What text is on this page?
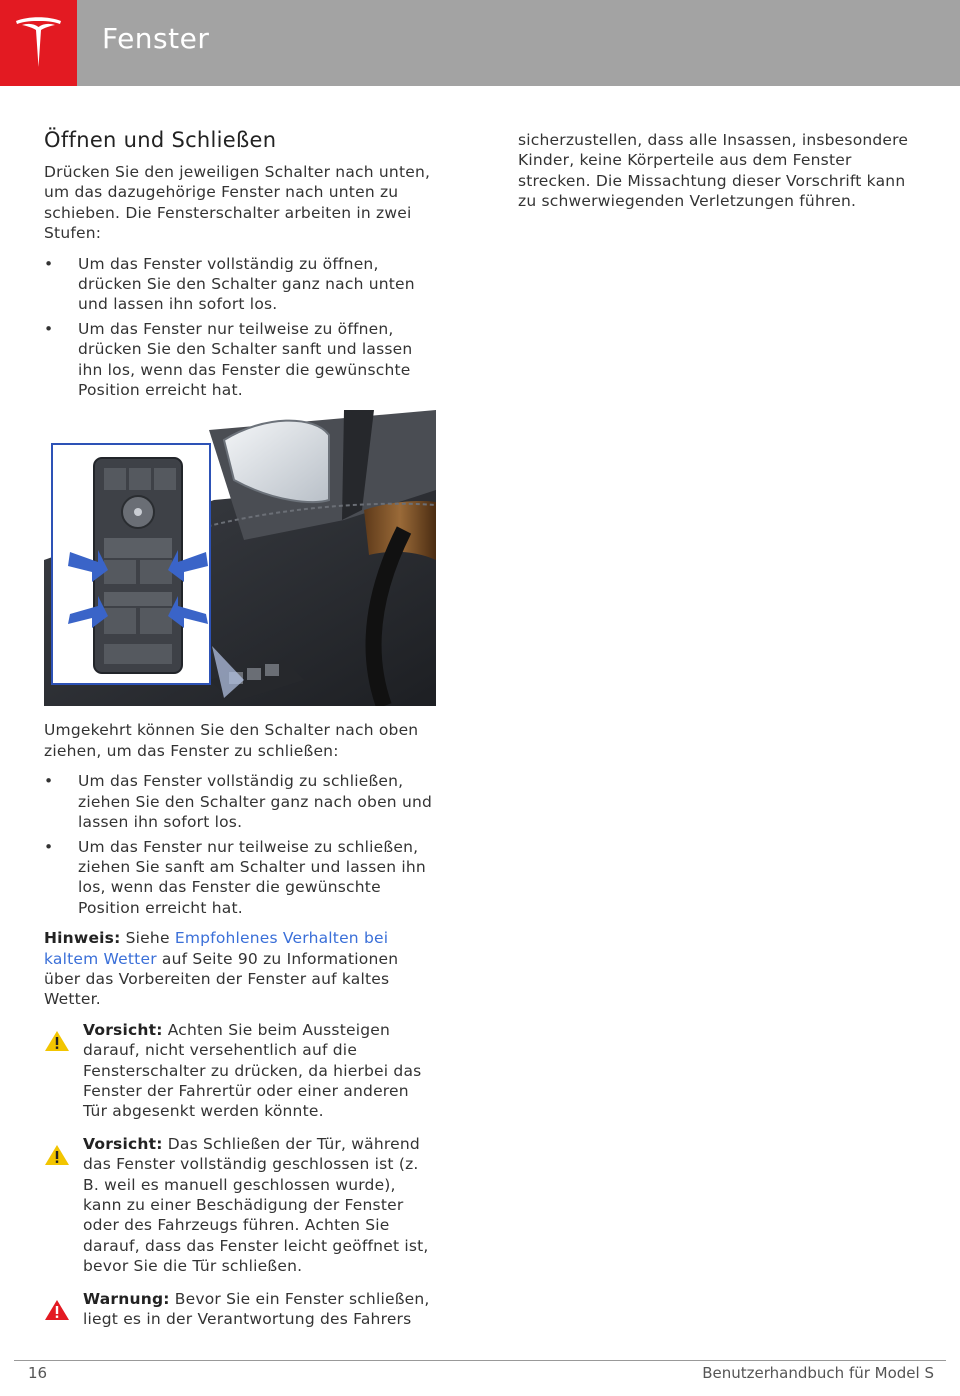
Fenster
Öffnen und Schließen

Drücken Sie den jeweiligen Schalter nach unten, um das dazugehörige Fenster nach unten zu schieben. Die Fensterschalter arbeiten in zwei Stufen:

• Um das Fenster vollständig zu öffnen, drücken Sie den Schalter ganz nach unten und lassen ihn sofort los.
• Um das Fenster nur teilweise zu öffnen, drücken Sie den Schalter sanft und lassen ihn los, wenn das Fenster die gewünschte Position erreicht hat.

Umgekehrt können Sie den Schalter nach oben ziehen, um das Fenster zu schließen:

• Um das Fenster vollständig zu schließen, ziehen Sie den Schalter ganz nach oben und lassen ihn sofort los.
• Um das Fenster nur teilweise zu schließen, ziehen Sie sanft am Schalter und lassen ihn los, wenn das Fenster die gewünschte Position erreicht hat.

Hinweis: Siehe Empfohlenes Verhalten bei kaltem Wetter auf Seite 90 zu Informationen über das Vorbereiten der Fenster auf kaltes Wetter.

Vorsicht: Achten Sie beim Aussteigen darauf, nicht versehentlich auf die Fensterschalter zu drücken, da hierbei das Fenster der Fahrertür oder einer anderen Tür abgesenkt werden könnte.

Vorsicht: Das Schließen der Tür, während das Fenster vollständig geschlossen ist (z. B. weil es manuell geschlossen wurde), kann zu einer Beschädigung der Fenster oder des Fahrzeugs führen. Achten Sie darauf, dass das Fenster leicht geöffnet ist, bevor Sie die Tür schließen.

Warnung: Bevor Sie ein Fenster schließen, liegt es in der Verantwortung des Fahrers

sicherzustellen, dass alle Insassen, insbesondere Kinder, keine Körperteile aus dem Fenster strecken. Die Missachtung dieser Vorschrift kann zu schwerwiegenden Verletzungen führen.

16	Benutzerhandbuch für Model S
